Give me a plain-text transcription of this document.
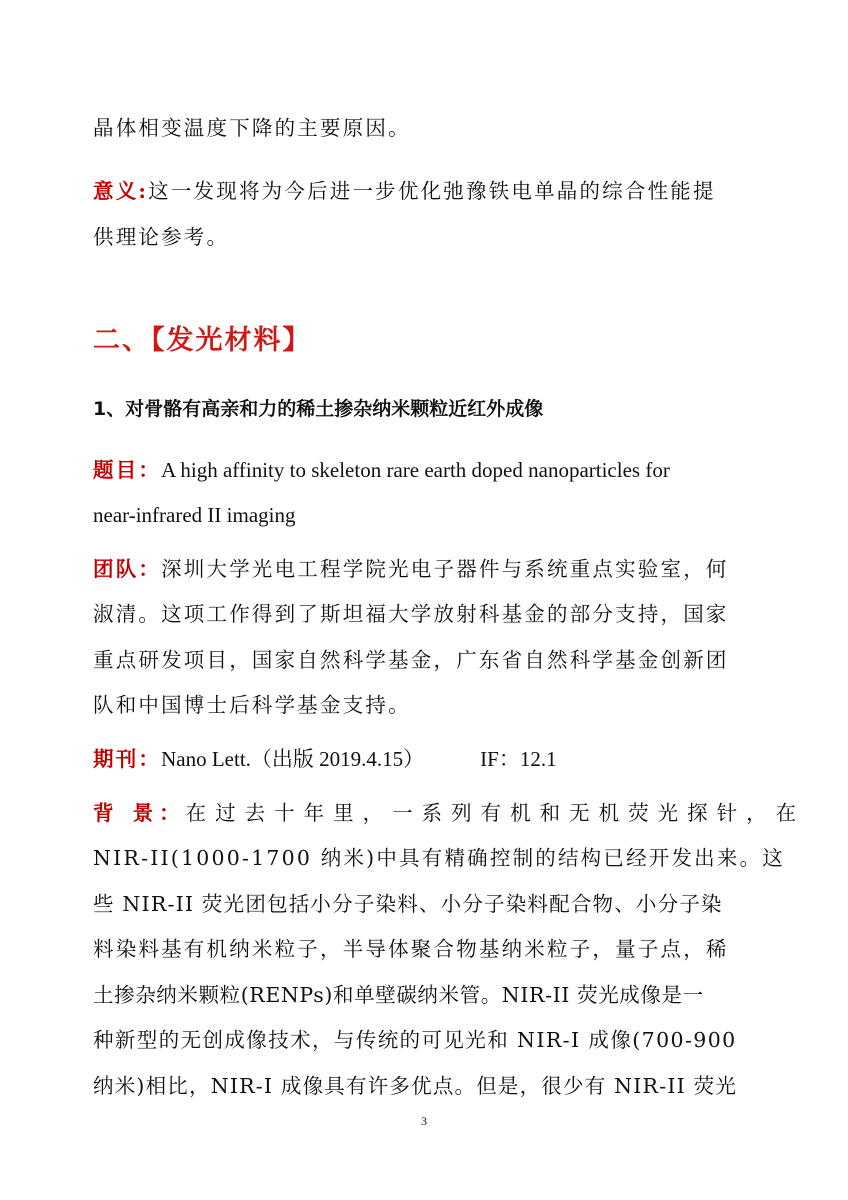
晶体相变温度下降的主要原因。
意义:这一发现将为今后进一步优化弛豫铁电单晶的综合性能提
供理论参考。
二、【发光材料】
1、对骨骼有高亲和力的稀土掺杂纳米颗粒近红外成像
题目：A high affinity to skeleton rare earth doped nanoparticles for
near-infrared II imaging
团队：深圳大学光电工程学院光电子器件与系统重点实验室，何
淑清。这项工作得到了斯坦福大学放射科基金的部分支持，国家
重点研发项目，国家自然科学基金，广东省自然科学基金创新团
队和中国博士后科学基金支持。
期刊：Nano Lett.（出版 2019.4.15）	IF：12.1
背 景：在过去十年里，一系列有机和无机荧光探针，在
NIR-II(1000-1700 纳米)中具有精确控制的结构已经开发出来。这
些 NIR-II 荧光团包括小分子染料、小分子染料配合物、小分子染
料染料基有机纳米粒子，半导体聚合物基纳米粒子，量子点，稀
土掺杂纳米颗粒(RENPs)和单壁碳纳米管。NIR-II 荧光成像是一
种新型的无创成像技术，与传统的可见光和 NIR-I 成像(700-900
纳米)相比，NIR-I 成像具有许多优点。但是，很少有 NIR-II 荧光
3
